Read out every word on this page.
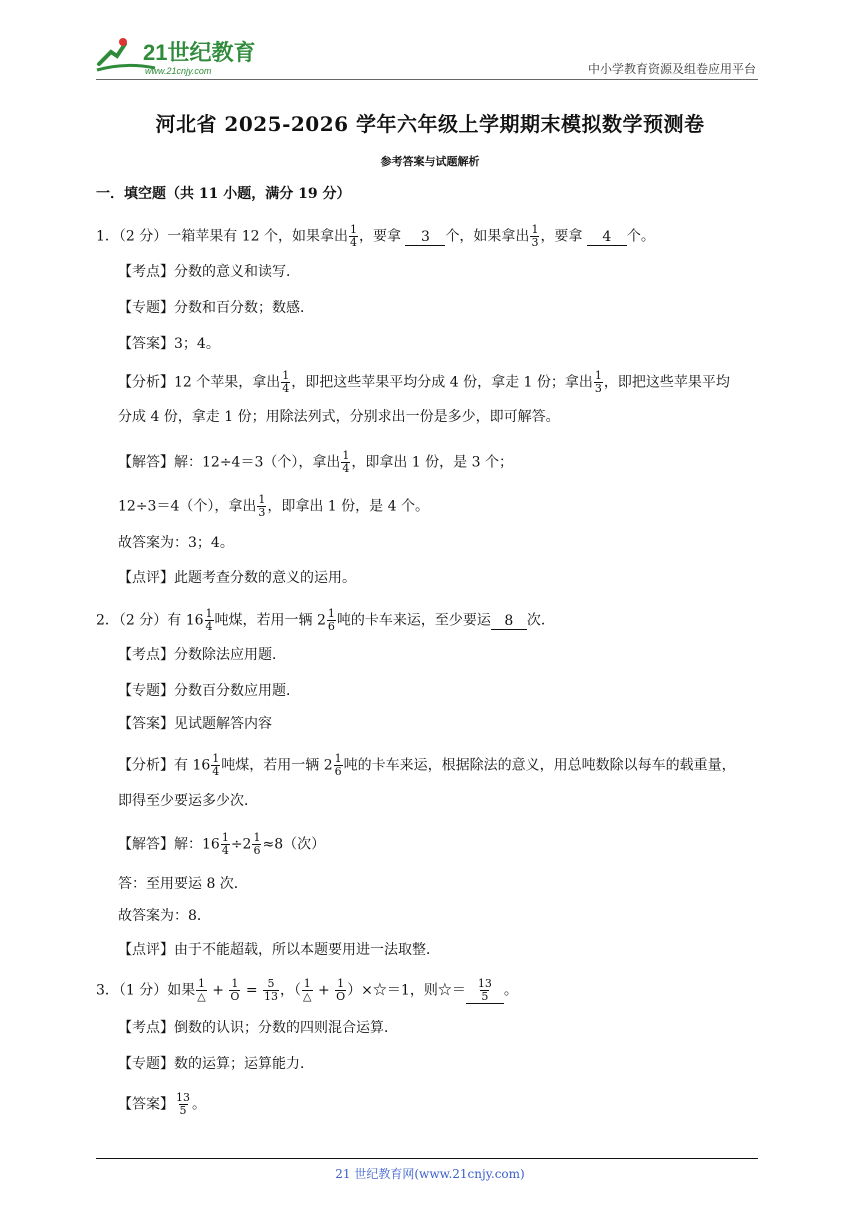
21世纪教育
www.21cnjy.com	中小学教育资源及组卷应用平台
河北省 2025-2026 学年六年级上学期期末模拟数学预测卷
参考答案与试题解析
一．填空题（共 11 小题，满分 19 分）
1．（2 分）一箱苹果有 12 个，如果拿出 $\frac{1}{4}$ ，要拿 3 个，如果拿出 $\frac{1}{3}$ ，要拿 4 个。
【考点】分数的意义和读写．
【专题】分数和百分数；数感．
【答案】3；4。
【分析】12 个苹果，拿出 $\frac{1}{4}$ ，即把这些苹果平均分成 4 份，拿走 1 份；拿出 $\frac{1}{3}$ ，即把这些苹果平均
分成 4 份，拿走 1 份；用除法列式，分别求出一份是多少，即可解答。
【解答】解：12÷4＝3（个），拿出 $\frac{1}{4}$ ，即拿出 1 份，是 3 个；
12÷3＝4（个），拿出 $\frac{1}{3}$ ，即拿出 1 份，是 4 个。
故答案为：3；4。
【点评】此题考查分数的意义的运用。
2．（2 分）有 $16 \frac{1}{4}$ 吨煤，若用一辆 $2 \frac{1}{6}$ 吨的卡车来运，至少要运 8 次．
【考点】分数除法应用题．
【专题】分数百分数应用题．
【答案】见试题解答内容
【分析】有 $16 \frac{1}{4}$ 吨煤，若用一辆 $2 \frac{1}{6}$ 吨的卡车来运，根据除法的意义，用总吨数除以每车的载重量，
即得至少要运多少次．
【解答】解：$16 \frac{1}{4} \div 2 \frac{1}{6} \approx 8$（次）
答：至用要运 8 次．
故答案为：8．
【点评】由于不能超载，所以本题要用进一法取整．
3．（1 分）如果 $\frac{1}{\triangle} + \frac{1}{O} = \frac{5}{13}$ ，（ $\frac{1}{\triangle} + \frac{1}{O}$ ）×☆＝1，则☆＝ $\frac{13}{5}$ 。
【考点】倒数的认识；分数的四则混合运算．
【专题】数的运算；运算能力．
【答案】 $\frac{13}{5}$ 。
21 世纪教育网(www.21cnjy.com)
